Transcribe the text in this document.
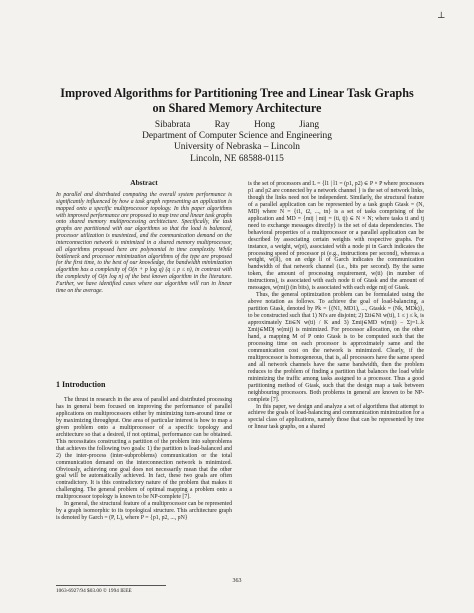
⊥
Improved Algorithms for Partitioning Tree and Linear Task Graphs
on Shared Memory Architecture
Sibabrata Ray Hong Jiang
Department of Computer Science and Engineering
University of Nebraska – Lincoln
Lincoln, NE 68588-0115
Abstract
In parallel and distributed computing the overall system performance is significantly influenced by how a task graph representing an application is mapped onto a specific multiprocessor topology. In this paper algorithms with improved performance are proposed to map tree and linear task graphs onto shared memory multiprocessing architecture. Specifically, the task graphs are partitioned with our algorithms so that the load is balanced, processor utilization is maximized, and the communication demand on the interconnection network is minimized in a shared memory multiprocessor, all algorithms proposed here are polynomial in time complexity. While bottleneck and processor minimization algorithms of the type are proposed for the first time, to the best of our knowledge, the bandwidth minimization algorithm has a complexity of O(n + p log q) (q ≤ p ≤ n), in contrast with the complexity of O(n log n) of the best known algorithm in the literature. Further, we have identified cases where our algorithm will run in linear time on the average.
1 Introduction

The thrust in research in the area of parallel and distributed processing has in general been focused on improving the performance of parallel applications on multiprocessors either by minimizing turn-around time or by maximizing throughput. One area of particular interest is how to map a given problem onto a multiprocessor of a specific topology and architecture so that a desired, if not optimal, performance can be obtained. This necessitates constructing a partition of the problem into subproblems that achieves the following two goals: 1) the partition is load-balanced and 2) the inter-process (inter-subproblems) communication or the total communication demand on the interconnection network is minimized. Obviously, achieving one goal does not necessarily mean that the other goal will be automatically achieved. In fact, these two goals are often contradictory. It is this contradictory nature of the problem that makes it challenging. The general problem of optimal mapping a problem onto a multiprocessor topology is known to be NP-complete [7].

In general, the structural feature of a multiprocessor can be represented by a graph isomorphic to its topological structure. This architecture graph is denoted by Garch = (P, L), where P = {p1, p2, ..., pN}

is the set of processors and L = {l1 | l1 = (p1, p2) ∈ P × P where processors p1 and p2 are connected by a network channel } is the set of network links, though the links need not be independent. Similarly, the structural feature of a parallel application can be represented by a task graph Gtask = (N, MD) where N = {t1, t2, ..., tn} is a set of tasks comprising of the application and MD = {mij | mij = (ti, tj) ∈ N × N; where tasks ti and tj need to exchange messages directly} is the set of data dependencies. The behavioral properties of a multiprocessor or a parallel application can be described by associating certain weights with respective graphs. For instance, a weight, w(pi), associated with a node pi in Garch indicates the processing speed of processor pi (e.g., instructions per second), whereas a weight, w(li), on an edge li of Garch indicates the communication bandwidth of that network channel (i.e., bits per second). By the same token, the amount of processing requirement, w(ti) (in number of instructions), is associated with each node ti of Gtask and the amount of messages, w(mij) (in bits), is associated with each edge mij of Gtask.

Thus, the general optimization problem can be formulated using the above notation as follows. To achieve the goal of load-balancing, a partition Gtask, denoted by Pk = {(N1, MD1), ..., Gtaskk = (Nk, MDk)}, to be constructed such that 1) Ni's are disjoint; 2) Σti∈Ni w(ti), 1 ≤ j ≤ k, is approximately Σti∈N w(ti) / K and 3) Σmij∈MD w(mij) − Σj=1..k Σmij∈MDj w(mij) is minimized. For processor allocation, on the other hand, a mapping M of P onto Gtask is to be computed such that the processing time on each processor is approximately same and the communication cost on the network is minimized. Clearly, if the multiprocessor is homogeneous, that is, all processors have the same speed and all network channels have the same bandwidth, then the problem reduces to the problem of finding a partition that balances the load while minimizing the traffic among tasks assigned to a processor. Thus a good partitioning method of Gtask, such that the design map a task between neighbouring processors. Both problems in general are known to be NP-complete [7].

In this paper, we design and analyze a set of algorithms that attempt to achieve the goals of load-balancing and communication minimization for a special class of applications, namely those that can be represented by tree or linear task graphs, on a shared

363
1063-6927/94 $03.00 © 1994 IEEE
